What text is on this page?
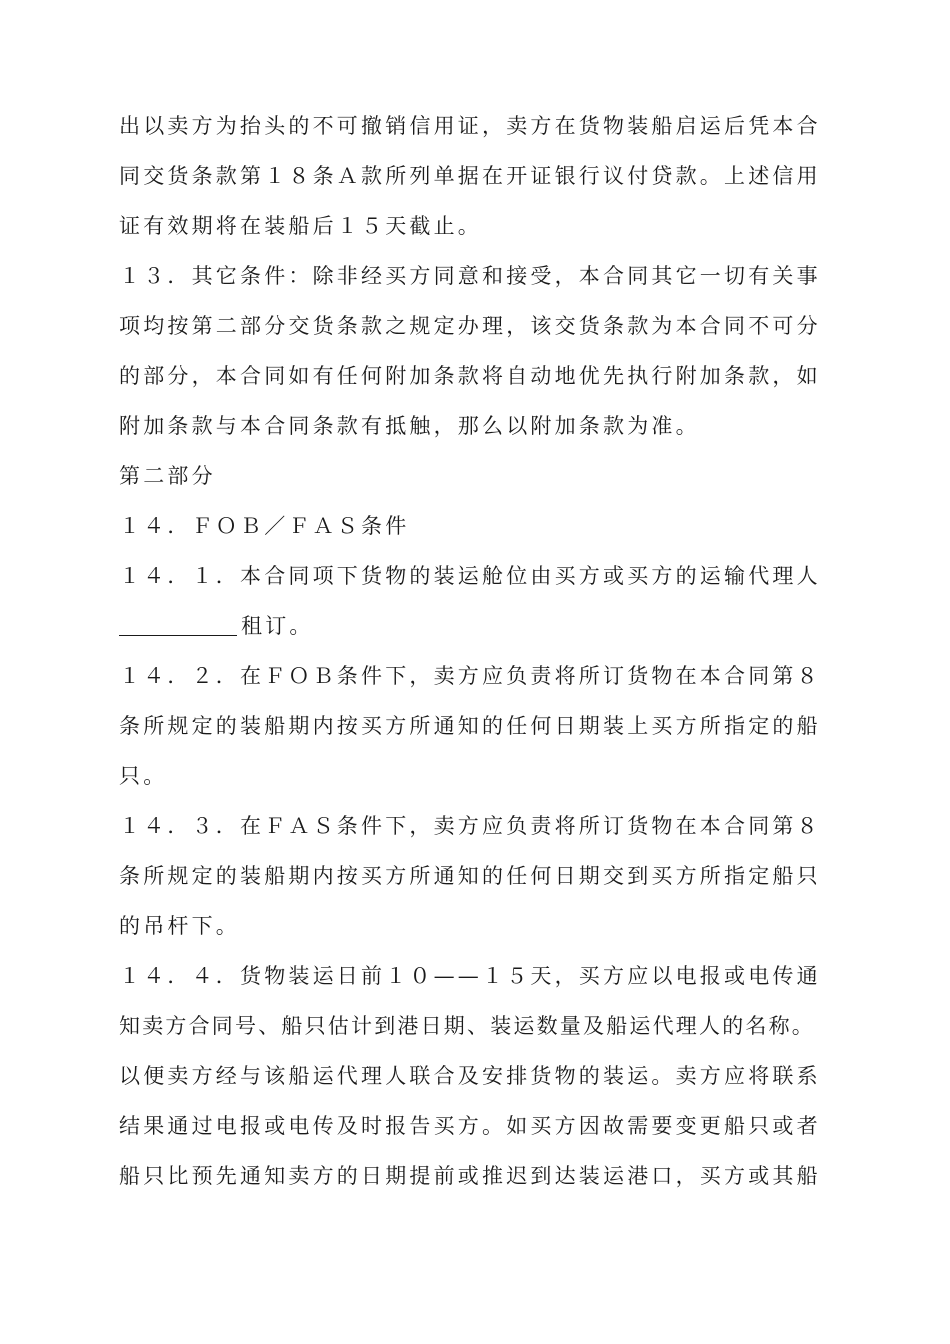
出以卖方为抬头的不可撤销信用证，卖方在货物装船启运后凭本合
同交货条款第１８条Ａ款所列单据在开证银行议付贷款。上述信用
证有效期将在装船后１５天截止。
１３．其它条件：除非经买方同意和接受，本合同其它一切有关事
项均按第二部分交货条款之规定办理，该交货条款为本合同不可分
的部分，本合同如有任何附加条款将自动地优先执行附加条款，如
附加条款与本合同条款有抵触，那么以附加条款为准。
第二部分
１４．ＦＯＢ／ＦＡＳ条件
１４．１．本合同项下货物的装运舱位由买方或买方的运输代理人
租订。
１４．２．在ＦＯＢ条件下，卖方应负责将所订货物在本合同第８
条所规定的装船期内按买方所通知的任何日期装上买方所指定的船
只。
１４．３．在ＦＡＳ条件下，卖方应负责将所订货物在本合同第８
条所规定的装船期内按买方所通知的任何日期交到买方所指定船只
的吊杆下。
１４．４．货物装运日前１０——１５天，买方应以电报或电传通
知卖方合同号、船只估计到港日期、装运数量及船运代理人的名称。
以便卖方经与该船运代理人联合及安排货物的装运。卖方应将联系
结果通过电报或电传及时报告买方。如买方因故需要变更船只或者
船只比预先通知卖方的日期提前或推迟到达装运港口，买方或其船
